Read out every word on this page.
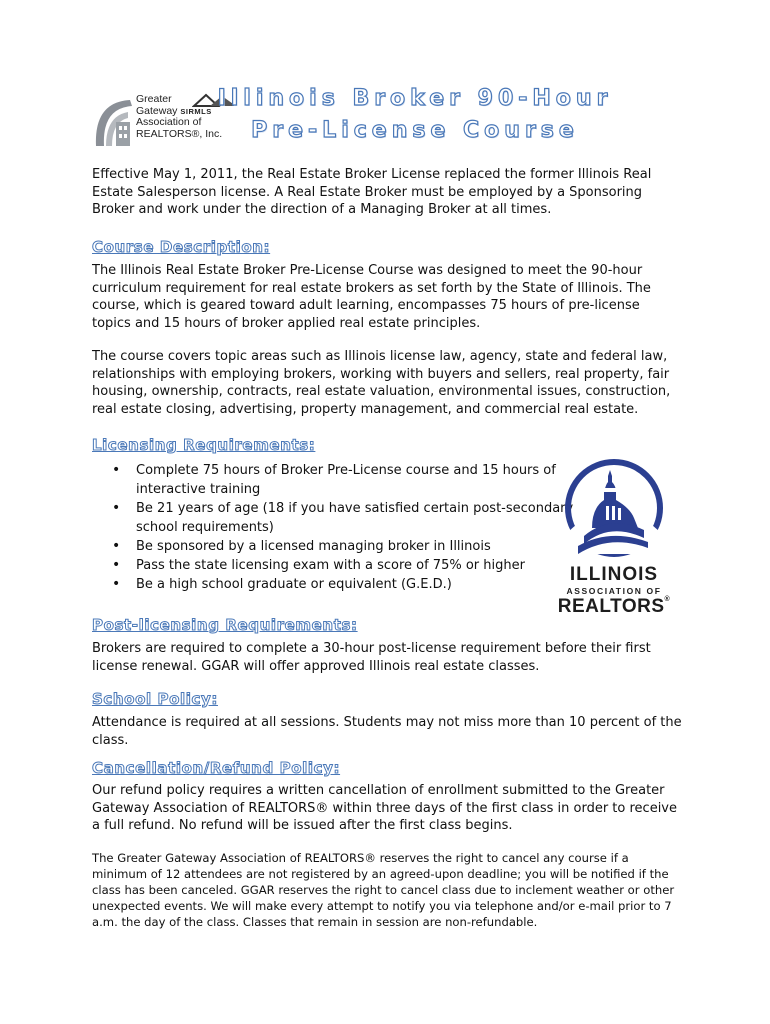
Greater
Gateway SIRMLS
Association of
REALTORS®, Inc.
Illinois Broker 90-Hour
Pre-License Course
Effective May 1, 2011, the Real Estate Broker License replaced the former Illinois Real Estate Salesperson license. A Real Estate Broker must be employed by a Sponsoring Broker and work under the direction of a Managing Broker at all times.
Course Description:
The Illinois Real Estate Broker Pre-License Course was designed to meet the 90-hour curriculum requirement for real estate brokers as set forth by the State of Illinois. The course, which is geared toward adult learning, encompasses 75 hours of pre-license topics and 15 hours of broker applied real estate principles.
The course covers topic areas such as Illinois license law, agency, state and federal law, relationships with employing brokers, working with buyers and sellers, real property, fair housing, ownership, contracts, real estate valuation, environmental issues, construction, real estate closing, advertising, property management, and commercial real estate.
Licensing Requirements:
• Complete 75 hours of Broker Pre-License course and 15 hours of interactive training
• Be 21 years of age (18 if you have satisfied certain post-secondary school requirements)
• Be sponsored by a licensed managing broker in Illinois
• Pass the state licensing exam with a score of 75% or higher
• Be a high school graduate or equivalent (G.E.D.)	ILLINOIS
ASSOCIATION OF
REALTORS®
Post-licensing Requirements:
Brokers are required to complete a 30-hour post-license requirement before their first license renewal. GGAR will offer approved Illinois real estate classes.
School Policy:
Attendance is required at all sessions. Students may not miss more than 10 percent of the class.
Cancellation/Refund Policy:
Our refund policy requires a written cancellation of enrollment submitted to the Greater Gateway Association of REALTORS® within three days of the first class in order to receive a full refund. No refund will be issued after the first class begins.
The Greater Gateway Association of REALTORS® reserves the right to cancel any course if a minimum of 12 attendees are not registered by an agreed-upon deadline; you will be notified if the class has been canceled. GGAR reserves the right to cancel class due to inclement weather or other unexpected events. We will make every attempt to notify you via telephone and/or e-mail prior to 7 a.m. the day of the class. Classes that remain in session are non-refundable.
